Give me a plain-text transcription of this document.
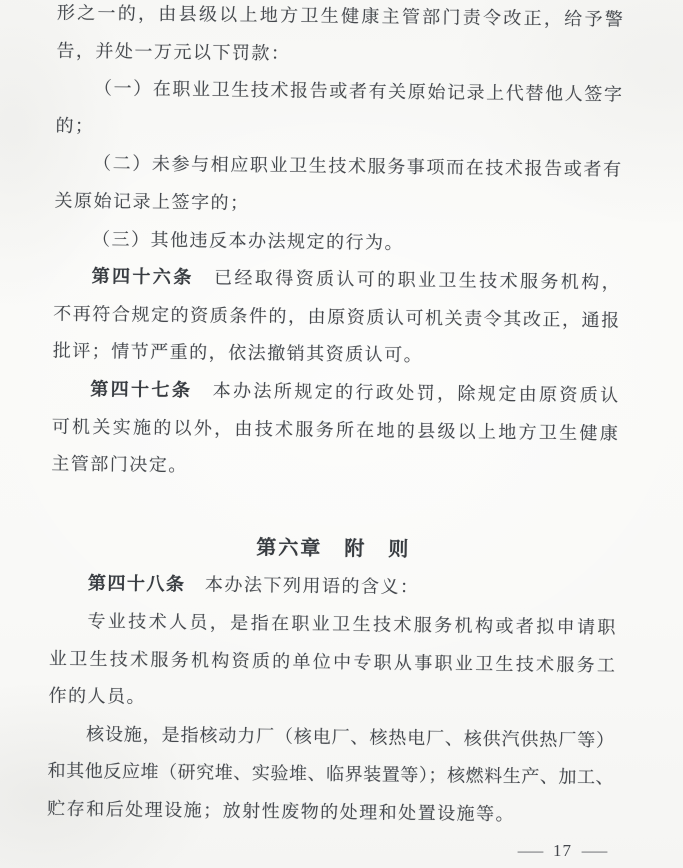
形之一的，由县级以上地方卫生健康主管部门责令改正，给予警
告，并处一万元以下罚款：
（一）在职业卫生技术报告或者有关原始记录上代替他人签字
的；
（二）未参与相应职业卫生技术服务事项而在技术报告或者有
关原始记录上签字的；
（三）其他违反本办法规定的行为。
第四十六条　已经取得资质认可的职业卫生技术服务机构，
不再符合规定的资质条件的，由原资质认可机关责令其改正，通报
批评；情节严重的，依法撤销其资质认可。
第四十七条　本办法所规定的行政处罚，除规定由原资质认
可机关实施的以外，由技术服务所在地的县级以上地方卫生健康
主管部门决定。
第六章　附　则
第四十八条　本办法下列用语的含义：
专业技术人员，是指在职业卫生技术服务机构或者拟申请职
业卫生技术服务机构资质的单位中专职从事职业卫生技术服务工
作的人员。
核设施，是指核动力厂（核电厂、核热电厂、核供汽供热厂等）
和其他反应堆（研究堆、实验堆、临界装置等）；核燃料生产、加工、
贮存和后处理设施；放射性废物的处理和处置设施等。
— 17 —
